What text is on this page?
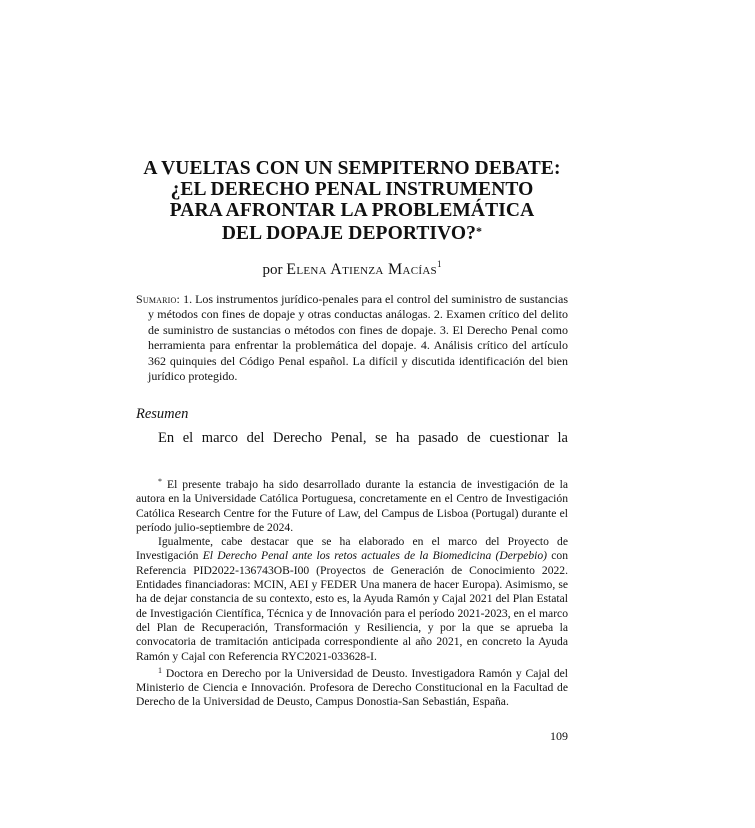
A VUELTAS CON UN SEMPITERNO DEBATE:
¿EL DERECHO PENAL INSTRUMENTO
PARA AFRONTAR LA PROBLEMÁTICA
DEL DOPAJE DEPORTIVO?*
por Elena Atienza Macías$^1$
Sumario: 1. Los instrumentos jurídico-penales para el control del suministro de sustancias y métodos con fines de dopaje y otras conductas análogas. 2. Examen crítico del delito de suministro de sustancias o métodos con fines de dopaje. 3. El Derecho Penal como herramienta para enfrentar la problemática del dopaje. 4. Análisis crítico del artículo 362 quinquies del Código Penal español. La difícil y discutida identificación del bien jurídico protegido.
Resumen
En el marco del Derecho Penal, se ha pasado de cuestionar la

* El presente trabajo ha sido desarrollado durante la estancia de investigación de la autora en la Universidade Católica Portuguesa, concretamente en el Centro de Investigación Católica Research Centre for the Future of Law, del Campus de Lisboa (Portugal) durante el período julio-septiembre de 2024.

Igualmente, cabe destacar que se ha elaborado en el marco del Proyecto de Investigación El Derecho Penal ante los retos actuales de la Biomedicina (Derpebio) con Referencia PID2022-136743OB-I00 (Proyectos de Generación de Conocimiento 2022. Entidades financiadoras: MCIN, AEI y FEDER Una manera de hacer Europa). Asimismo, se ha de dejar constancia de su contexto, esto es, la Ayuda Ramón y Cajal 2021 del Plan Estatal de Investigación Científica, Técnica y de Innovación para el período 2021-2023, en el marco del Plan de Recuperación, Transformación y Resiliencia, y por la que se aprueba la convocatoria de tramitación anticipada correspondiente al año 2021, en concreto la Ayuda Ramón y Cajal con Referencia RYC2021-033628-I.

$^1$ Doctora en Derecho por la Universidad de Deusto. Investigadora Ramón y Cajal del Ministerio de Ciencia e Innovación. Profesora de Derecho Constitucional en la Facultad de Derecho de la Universidad de Deusto, Campus Donostia-San Sebastián, España.

109
